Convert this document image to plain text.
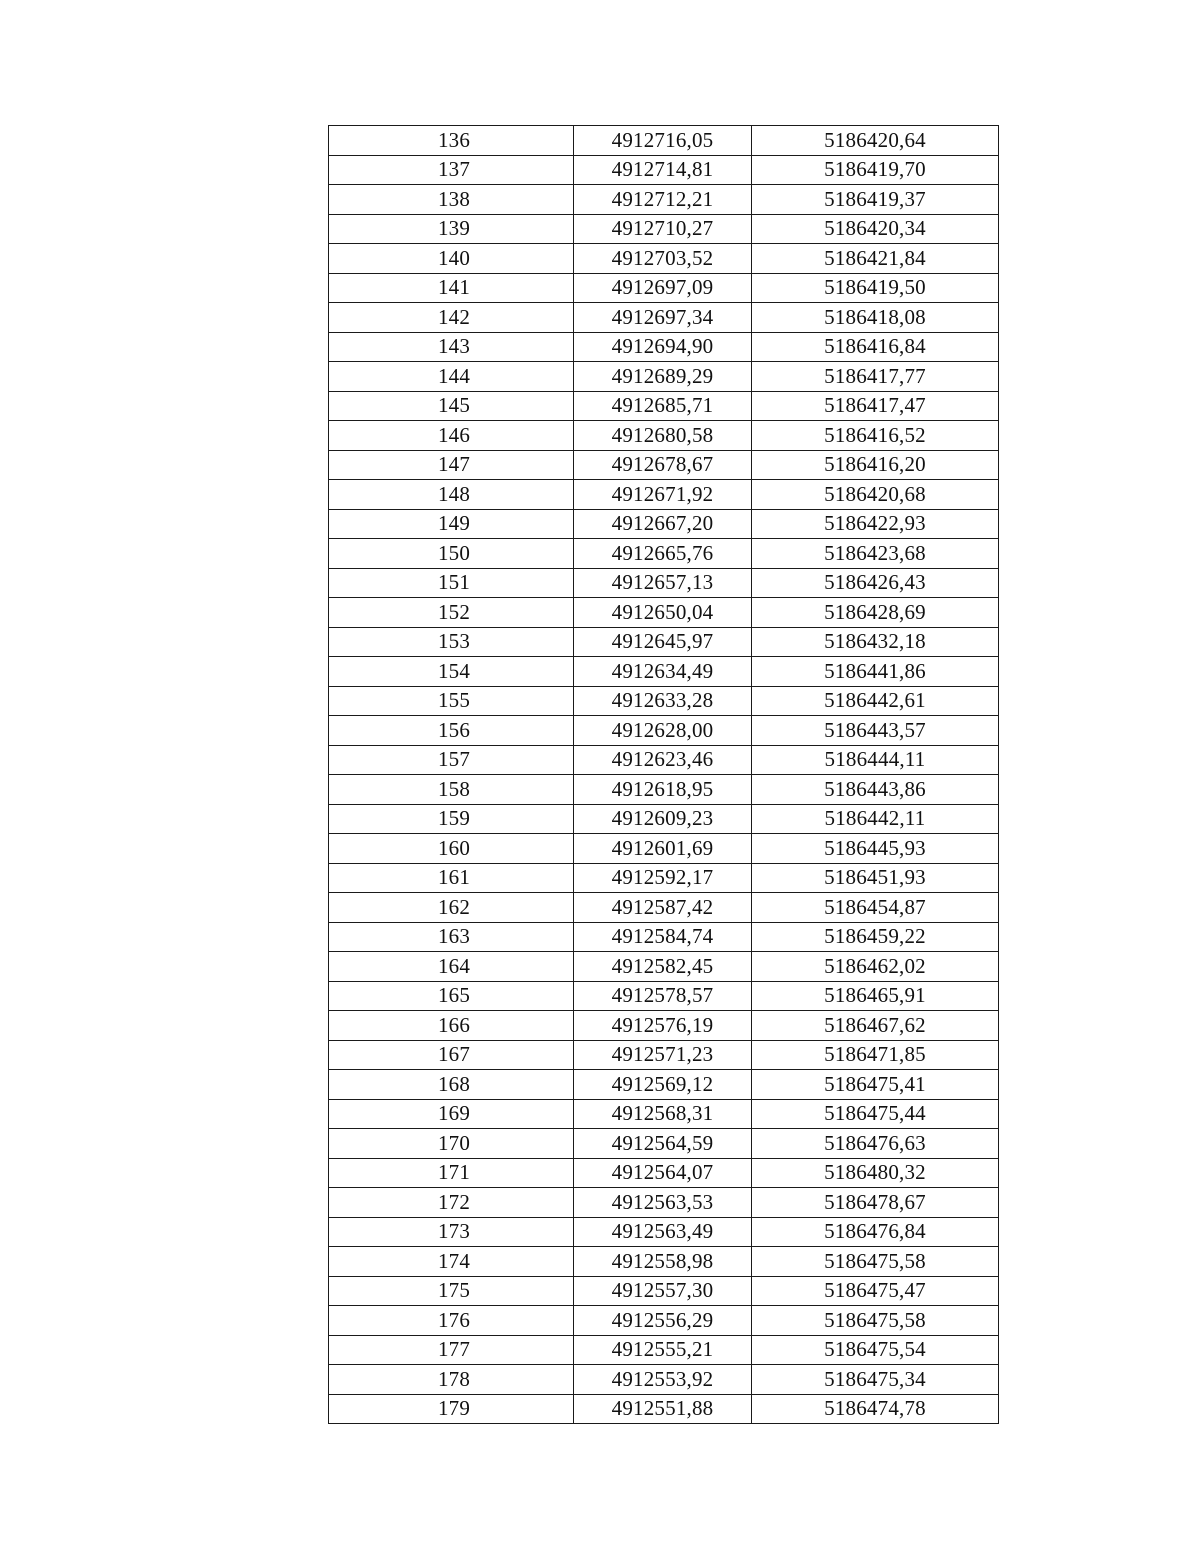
136	4912716,05	5186420,64
137	4912714,81	5186419,70
138	4912712,21	5186419,37
139	4912710,27	5186420,34
140	4912703,52	5186421,84
141	4912697,09	5186419,50
142	4912697,34	5186418,08
143	4912694,90	5186416,84
144	4912689,29	5186417,77
145	4912685,71	5186417,47
146	4912680,58	5186416,52
147	4912678,67	5186416,20
148	4912671,92	5186420,68
149	4912667,20	5186422,93
150	4912665,76	5186423,68
151	4912657,13	5186426,43
152	4912650,04	5186428,69
153	4912645,97	5186432,18
154	4912634,49	5186441,86
155	4912633,28	5186442,61
156	4912628,00	5186443,57
157	4912623,46	5186444,11
158	4912618,95	5186443,86
159	4912609,23	5186442,11
160	4912601,69	5186445,93
161	4912592,17	5186451,93
162	4912587,42	5186454,87
163	4912584,74	5186459,22
164	4912582,45	5186462,02
165	4912578,57	5186465,91
166	4912576,19	5186467,62
167	4912571,23	5186471,85
168	4912569,12	5186475,41
169	4912568,31	5186475,44
170	4912564,59	5186476,63
171	4912564,07	5186480,32
172	4912563,53	5186478,67
173	4912563,49	5186476,84
174	4912558,98	5186475,58
175	4912557,30	5186475,47
176	4912556,29	5186475,58
177	4912555,21	5186475,54
178	4912553,92	5186475,34
179	4912551,88	5186474,78
